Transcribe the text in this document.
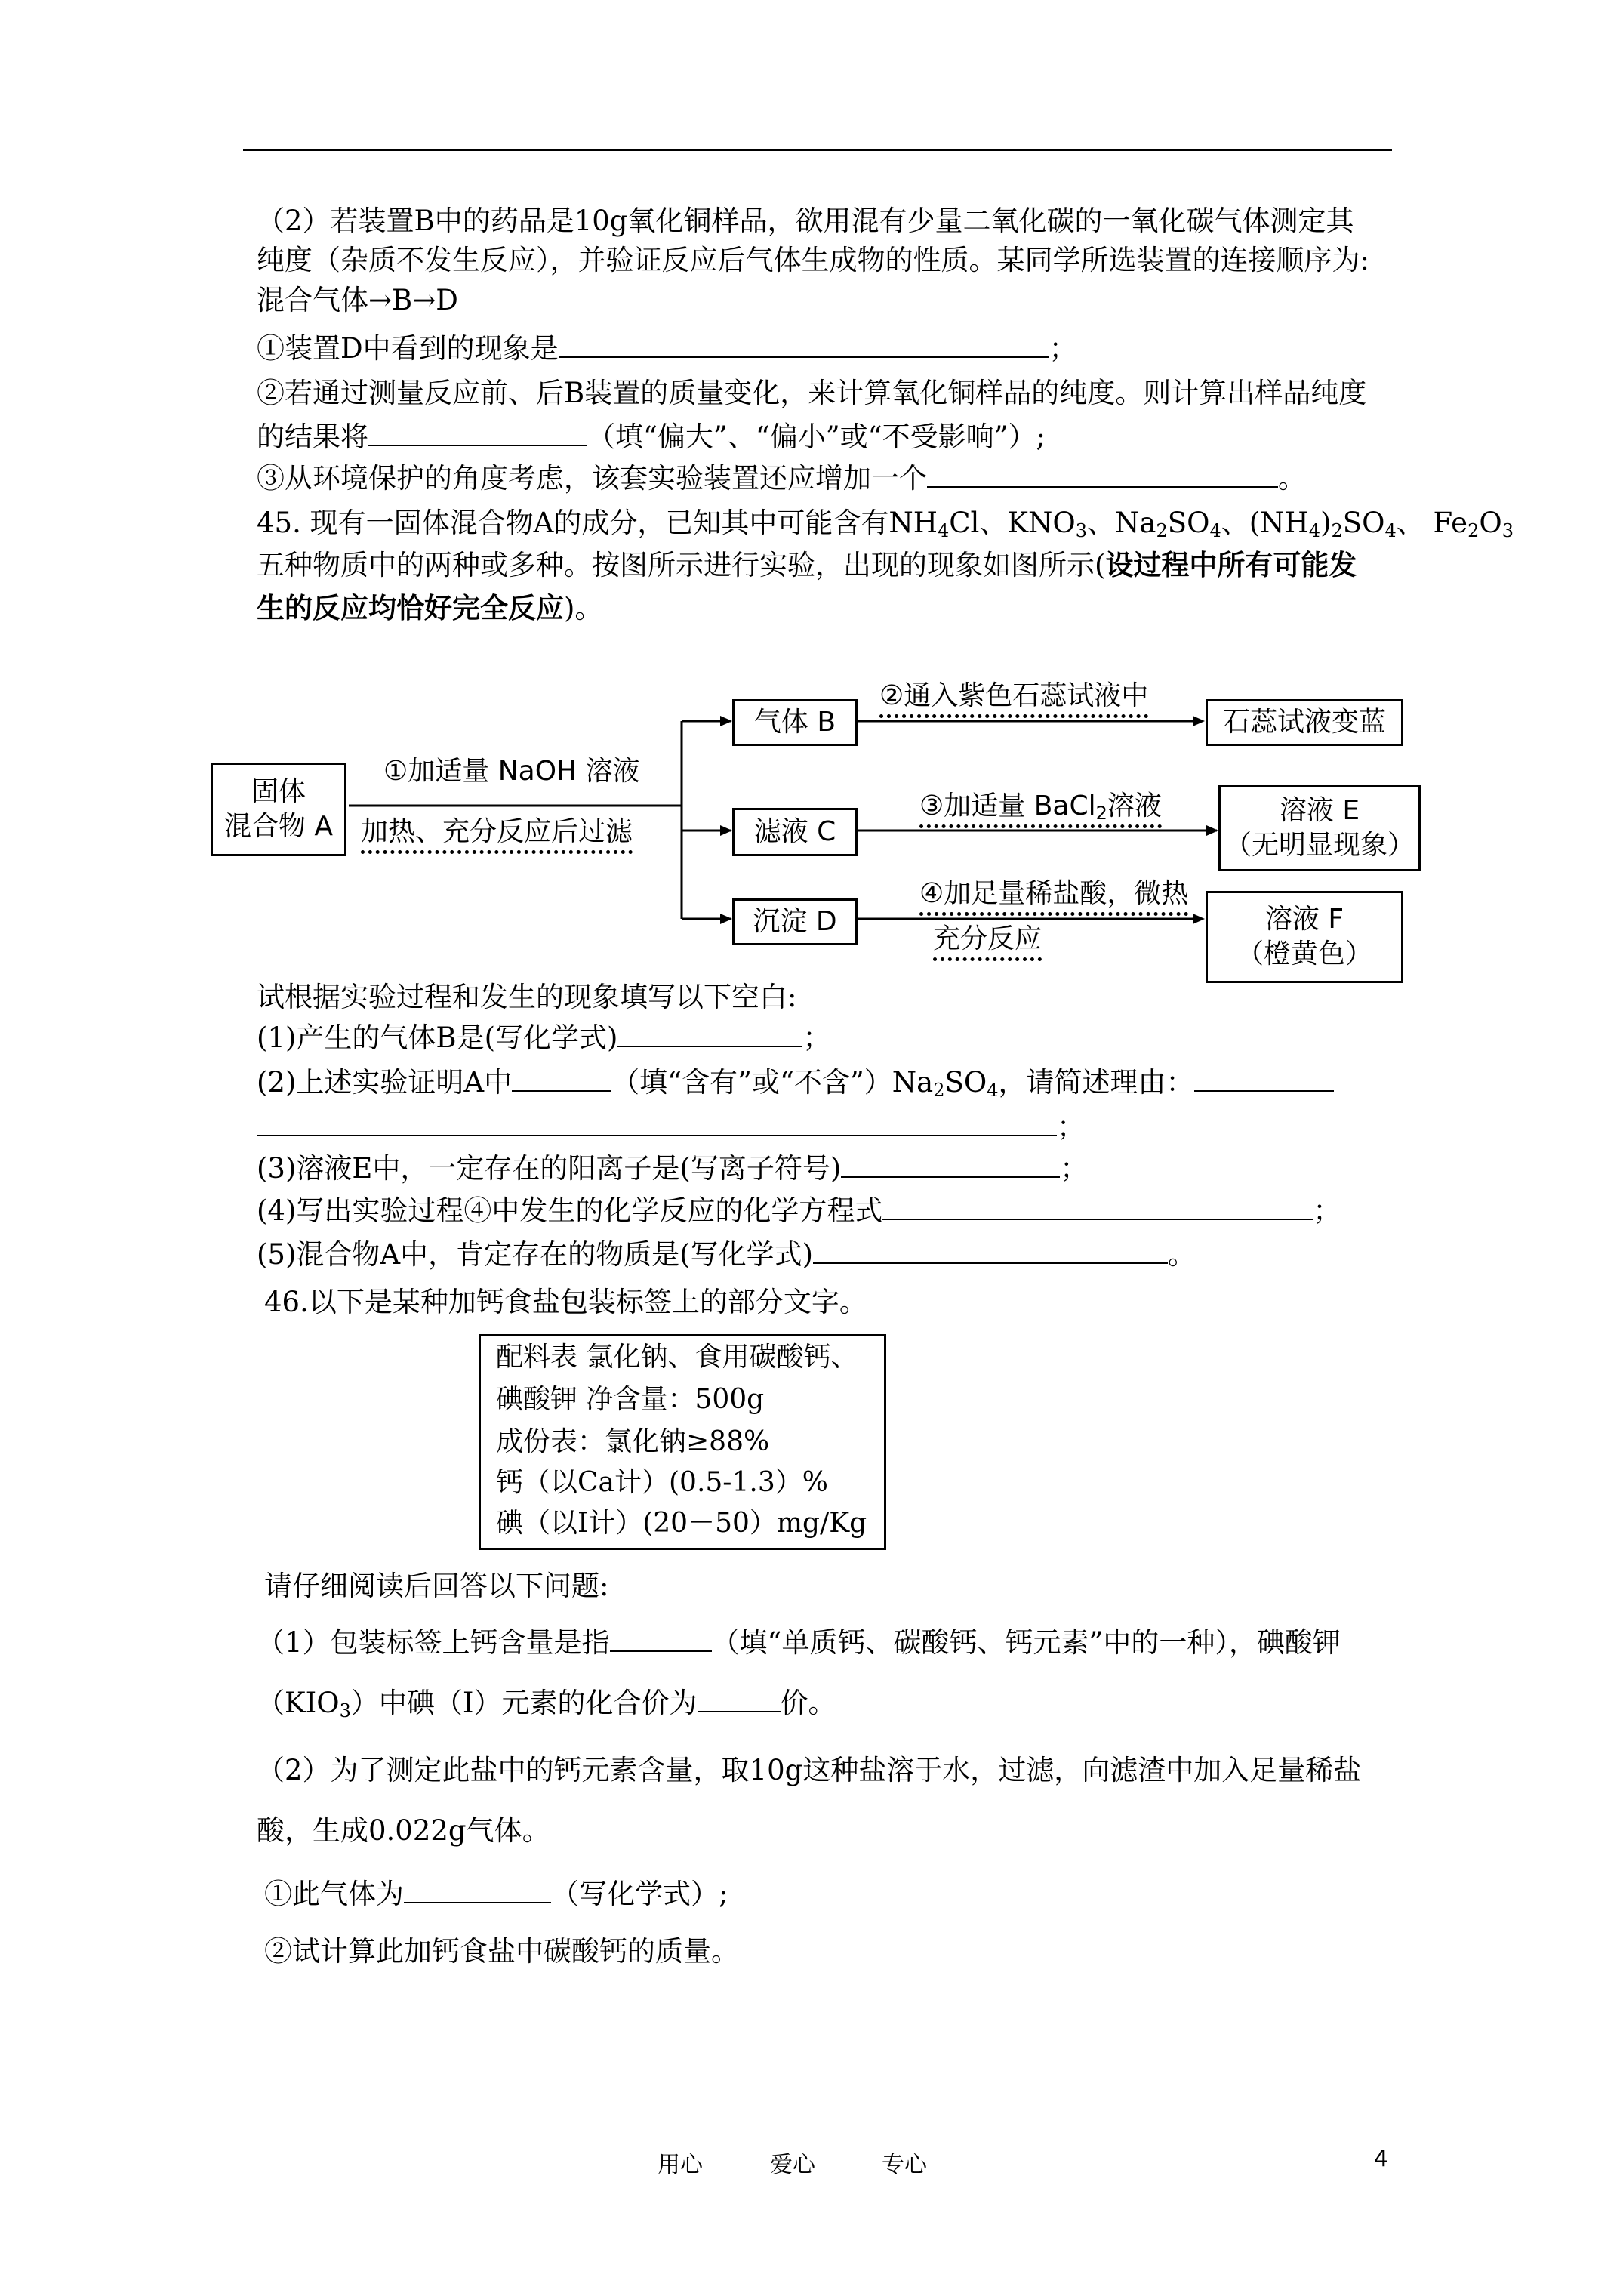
（2）若装置B中的药品是10g氧化铜样品，欲用混有少量二氧化碳的一氧化碳气体测定其
纯度（杂质不发生反应），并验证反应后气体生成物的性质。某同学所选装置的连接顺序为:
混合气体→B→D
①装置D中看到的现象是	；
②若通过测量反应前、后B装置的质量变化，来计算氧化铜样品的纯度。则计算出样品纯度
的结果将	（填“偏大”、“偏小”或“不受影响”）;
③从环境保护的角度考虑，该套实验装置还应增加一个	。
45. 现有一固体混合物A的成分，已知其中可能含有$NH_4Cl$、$KNO_3$、$Na_2SO_4$、$(NH_4)_2SO_4$、 $Fe_2O_3$
五种物质中的两种或多种。按图所示进行实验，出现的现象如图所示(设过程中所有可能发
生的反应均恰好完全反应)。
固体
混合物 A
①加适量 NaOH 溶液
加热、充分反应后过滤
气体 B
滤液 C
沉淀 D
②通入紫色石蕊试液中
③加适量 BaCl$_2$溶液
④加足量稀盐酸，微热
充分反应
石蕊试液变蓝
溶液 E
（无明显现象）
溶液 F
（橙黄色）
试根据实验过程和发生的现象填写以下空白:
(1)产生的气体B是(写化学式)	；
(2)上述实验证明A中	（填“含有”或“不含$”)Na_2SO_4$，请简述理由：
；
(3)溶液E中，一定存在的阳离子是(写离子符号)	；
(4)写出实验过程④中发生的化学反应的化学方程式	；
(5)混合物A中，肯定存在的物质是(写化学式)	。
46.以下是某种加钙食盐包装标签上的部分文字。
配料表 氯化钠、食用碳酸钙、
碘酸钾 净含量：500g
成份表：氯化钠≥88%
钙（以Ca计）(0.5-1.3）%
碘（以I计）(20－50）mg/Kg
请仔细阅读后回答以下问题:
（1）包装标签上钙含量是指	（填“单质钙、碳酸钙、钙元素”中的一种），碘酸钾
$(KIO_3)$中碘（I）元素的化合价为	价。
（2）为了测定此盐中的钙元素含量，取10g这种盐溶于水，过滤，向滤渣中加入足量稀盐
酸，生成0.022g气体。
①此气体为	（写化学式）;
②试计算此加钙食盐中碳酸钙的质量。
用心	爱心	专心	4
